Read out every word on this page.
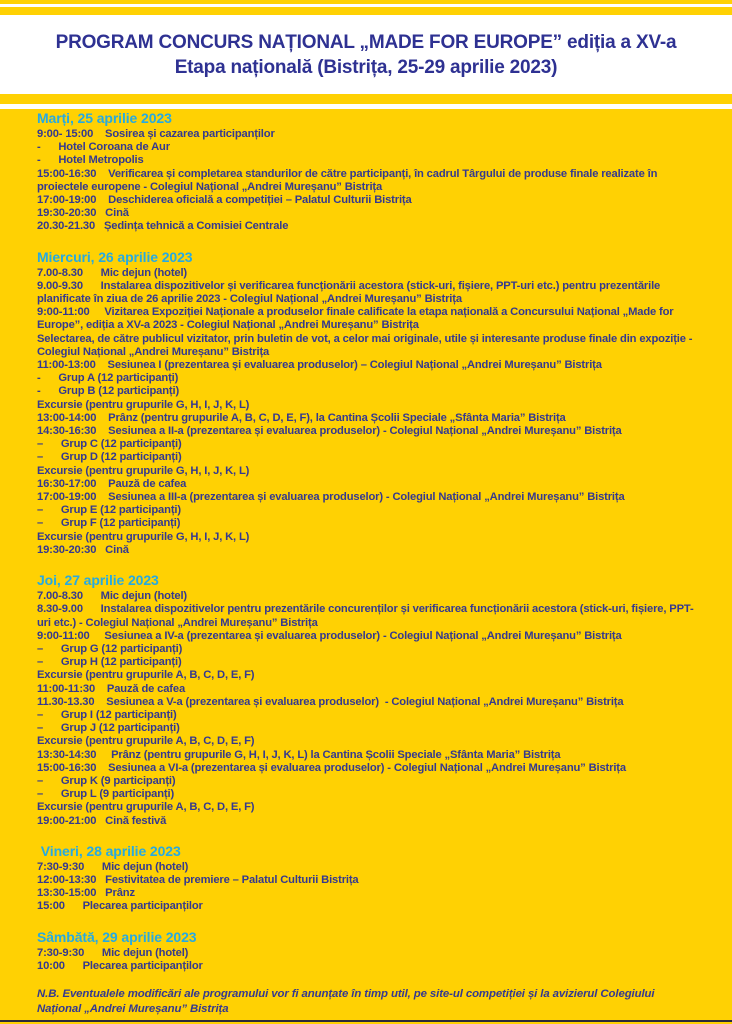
PROGRAM CONCURS NAȚIONAL „MADE FOR EUROPE” ediția a XV-a
Etapa națională (Bistrița, 25-29 aprilie 2023)
Marți, 25 aprilie 2023
9:00- 15:00    Sosirea și cazarea participanților
-      Hotel Coroana de Aur
-      Hotel Metropolis
15:00-16:30    Verificarea și completarea standurilor de către participanți, în cadrul Târgului de produse finale realizate în proiectele europene - Colegiul Național „Andrei Mureșanu” Bistrița
17:00-19:00    Deschiderea oficială a competiției – Palatul Culturii Bistrița
19:30-20:30   Cină
20.30-21.30   Ședința tehnică a Comisiei Centrale
Miercuri, 26 aprilie 2023
7.00-8.30      Mic dejun (hotel)
9.00-9.30      Instalarea dispozitivelor și verificarea funcționării acestora (stick-uri, fișiere, PPT-uri etc.) pentru prezentările planificate în ziua de 26 aprilie 2023 - Colegiul Național „Andrei Mureșanu” Bistrița
9:00-11:00     Vizitarea Expoziției Naționale a produselor finale calificate la etapa națională a Concursului Național „Made for Europe”, ediția a XV-a 2023 - Colegiul Național „Andrei Mureșanu” Bistrița
Selectarea, de către publicul vizitator, prin buletin de vot, a celor mai originale, utile și interesante produse finale din expoziție - Colegiul Național „Andrei Mureșanu” Bistrița
11:00-13:00    Sesiunea I (prezentarea și evaluarea produselor) – Colegiul Național „Andrei Mureșanu” Bistrița
-      Grup A (12 participanți)
-      Grup B (12 participanți)
Excursie (pentru grupurile G, H, I, J, K, L)
13:00-14:00    Prânz (pentru grupurile A, B, C, D, E, F), la Cantina Școlii Speciale „Sfânta Maria” Bistrița
14:30-16:30    Sesiunea a II-a (prezentarea și evaluarea produselor) - Colegiul Național „Andrei Mureșanu” Bistrița
–      Grup C (12 participanți)
–      Grup D (12 participanți)
Excursie (pentru grupurile G, H, I, J, K, L)
16:30-17:00    Pauză de cafea
17:00-19:00    Sesiunea a III-a (prezentarea și evaluarea produselor) - Colegiul Național „Andrei Mureșanu” Bistrița
–      Grup E (12 participanți)
–      Grup F (12 participanți)
Excursie (pentru grupurile G, H, I, J, K, L)
19:30-20:30   Cină
Joi, 27 aprilie 2023
7.00-8.30      Mic dejun (hotel)
8.30-9.00      Instalarea dispozitivelor pentru prezentările concurenților și verificarea funcționării acestora (stick-uri, fișiere, PPT-uri etc.) - Colegiul Național „Andrei Mureșanu” Bistrița
9:00-11:00     Sesiunea a IV-a (prezentarea și evaluarea produselor) - Colegiul Național „Andrei Mureșanu” Bistrița
–      Grup G (12 participanți)
–      Grup H (12 participanți)
Excursie (pentru grupurile A, B, C, D, E, F)
11:00-11:30    Pauză de cafea
11.30-13.30    Sesiunea a V-a (prezentarea și evaluarea produselor)  - Colegiul Național „Andrei Mureșanu” Bistrița
–      Grup I (12 participanți)
–      Grup J (12 participanți)
Excursie (pentru grupurile A, B, C, D, E, F)
13:30-14:30     Prânz (pentru grupurile G, H, I, J, K, L) la Cantina Școlii Speciale „Sfânta Maria” Bistrița
15:00-16:30    Sesiunea a VI-a (prezentarea și evaluarea produselor) - Colegiul Național „Andrei Mureșanu” Bistrița
–      Grup K (9 participanți)
–      Grup L (9 participanți)
Excursie (pentru grupurile A, B, C, D, E, F)
19:00-21:00   Cină festivă
Vineri, 28 aprilie 2023
7:30-9:30      Mic dejun (hotel)
12:00-13:30   Festivitatea de premiere – Palatul Culturii Bistrița
13:30-15:00   Prânz
15:00      Plecarea participanților
Sâmbătă, 29 aprilie 2023
7:30-9:30      Mic dejun (hotel)
10:00      Plecarea participanților
N.B. Eventualele modificări ale programului vor fi anunțate în timp util, pe site-ul competiției și la avizierul Colegiului Național „Andrei Mureșanu” Bistrița
